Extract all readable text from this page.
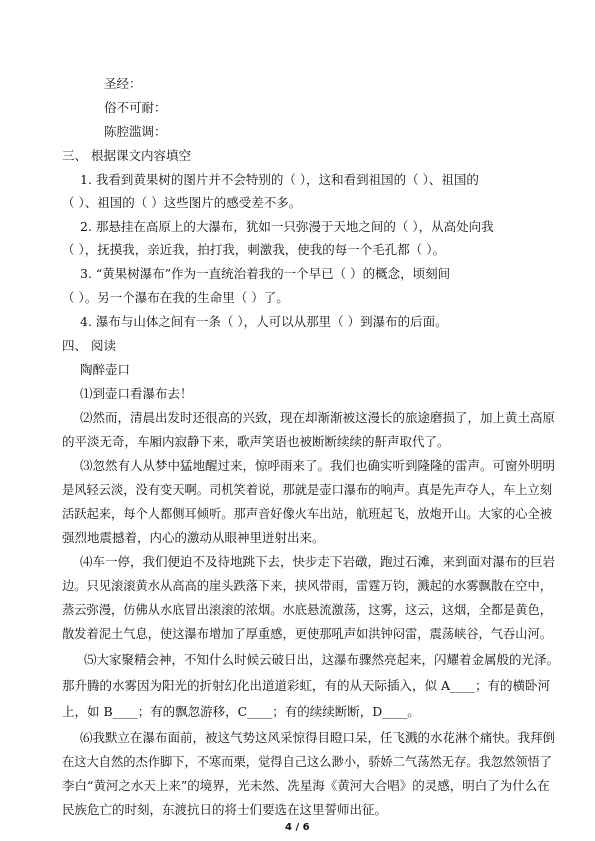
圣经：
俗不可耐：
陈腔滥调：
三、 根据课文内容填空
1. 我看到黄果树的图片并不会特别的（ ），这和看到祖国的（ ）、祖国的
（ ）、祖国的（ ）这些图片的感受差不多。
2. 那悬挂在高原上的大瀑布，犹如一只弥漫于天地之间的（ ），从高处向我
（ ），抚摸我，亲近我，拍打我，刺激我，使我的每一个毛孔都（ ）。
3. “黄果树瀑布”作为一直统治着我的一个早已（ ）的概念，顷刻间
（ ）。另一个瀑布在我的生命里（ ）了。
4. 瀑布与山体之间有一条（ ），人可以从那里（ ）到瀑布的后面。
四、 阅读
陶醉壶口
⑴到壶口看瀑布去！
⑵然而，清晨出发时还很高的兴致，现在却渐渐被这漫长的旅途磨损了，加上黄土高原
的平淡无奇，车厢内寂静下来，歌声笑语也被断断续续的鼾声取代了。
⑶忽然有人从梦中猛地醒过来，惊呼雨来了。我们也确实听到隆隆的雷声。可窗外明明
是风轻云淡，没有变天啊。司机笑着说，那就是壶口瀑布的响声。真是先声夺人，车上立刻
活跃起来，每个人都侧耳倾听。那声音好像火车出站，航班起飞，放炮开山。大家的心全被
强烈地震撼着，内心的激动从眼神里迸射出来。
⑷车一停，我们便迫不及待地跳下去，快步走下岩礅，跑过石滩，来到面对瀑布的巨岩
边。只见滚滚黄水从高高的崖头跌落下来，挟风带雨，雷霆万钧，溅起的水雾飘散在空中，
蒸云弥漫，仿佛从水底冒出滚滚的浓烟。水底悬流激荡，这雾，这云，这烟，全都是黄色，
散发着泥土气息，使这瀑布增加了厚重感，更使那吼声如洪钟闷雷，震荡峡谷，气吞山河。
⑸大家聚精会神，不知什么时候云破日出，这瀑布骤然亮起来，闪耀着金属般的光泽。
那升腾的水雾因为阳光的折射幻化出道道彩虹，有的从天际插入，似 A____；有的横卧河
上，如 B____；有的飘忽游移，C____；有的续续断断，D____。
⑹我默立在瀑布面前，被这气势这风采惊得目瞪口呆，任飞溅的水花淋个痛快。我拜倒
在这大自然的杰作脚下，不寒而栗，觉得自己这么渺小，骄娇二气荡然无存。我忽然领悟了
李白“黄河之水天上来”的境界，光未然、冼星海《黄河大合唱》的灵感，明白了为什么在
民族危亡的时刻，东渡抗日的将士们要选在这里誓师出征。
4 / 6
